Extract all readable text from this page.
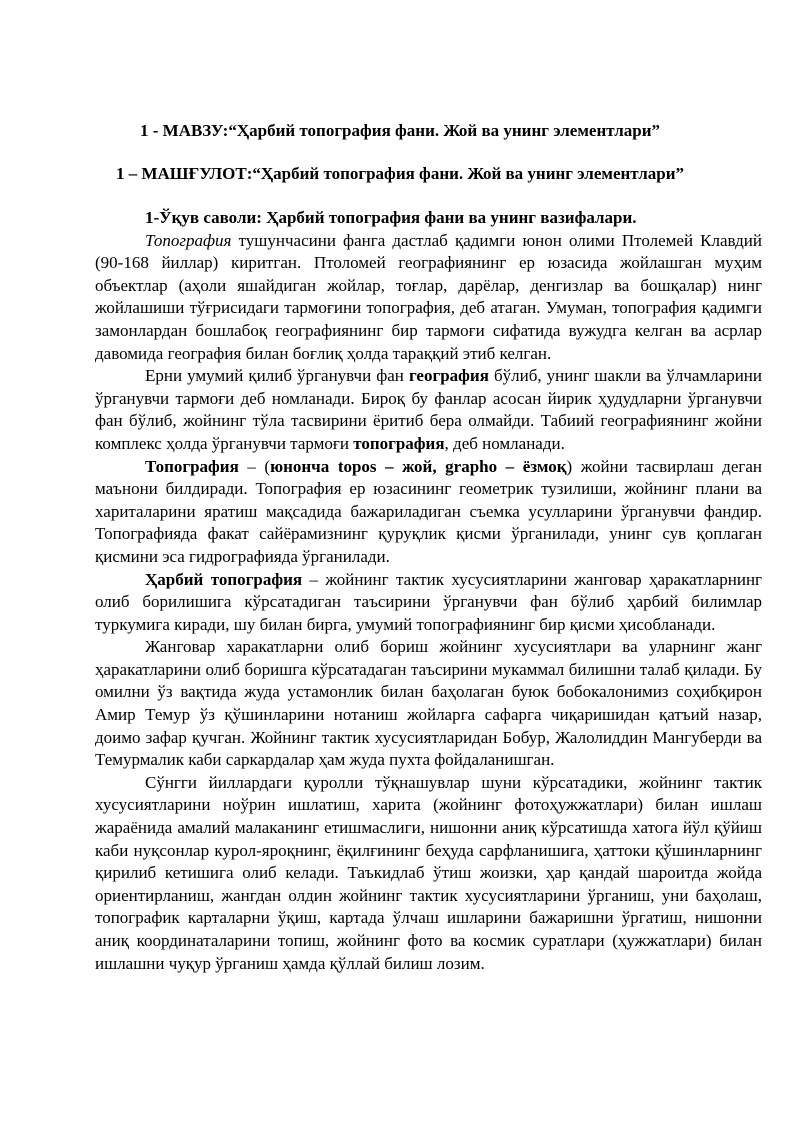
1 - МАВЗУ:“Ҳарбий топография фани. Жой ва унинг элементлари”

1 – МАШҒУЛОТ:“Ҳарбий топография фани. Жой ва унинг элементлари”

1-Ўқув саволи: Ҳарбий топография фани ва унинг вазифалари.

Топография тушунчасини фанга дастлаб қадимги юнон олими Птолемей Клавдий (90-168 йиллар) киритган. Птоломей географиянинг ер юзасида жойлашган муҳим объектлар (аҳоли яшайдиган жойлар, тоғлар, дарёлар, денгизлар ва бошқалар) нинг жойлашиши тўғрисидаги тармоғини топография, деб атаган. Умуман, топография қадимги замонлардан бошлабоқ географиянинг бир тармоғи сифатида вужудга келган ва асрлар давомида география билан боғлиқ ҳолда тараққий этиб келган.

Ерни умумий қилиб ўрганувчи фан география бўлиб, унинг шакли ва ўлчамларини ўрганувчи тармоғи деб номланади. Бироқ бу фанлар асосан йирик ҳудудларни ўрганувчи фан бўлиб, жойнинг тўла тасвирини ёритиб бера олмайди. Табиий географиянинг жойни комплекс ҳолда ўрганувчи тармоғи топография, деб номланади.

Топография – (юнонча topos – жой, grapho – ёзмоқ) жойни тасвирлаш деган маънони билдиради. Топография ер юзасининг геометрик тузилиши, жойнинг плани ва хариталарини яратиш мақсадида бажариладиган съемка усулларини ўрганувчи фандир. Топографияда факат сайёрамизнинг қуруқлик қисми ўрганилади, унинг сув қоплаган қисмини эса гидрографияда ўрганилади.

Ҳарбий топография – жойнинг тактик хусусиятларини жанговар ҳаракатларнинг олиб борилишига кўрсатадиган таъсирини ўрганувчи фан бўлиб ҳарбий билимлар туркумига киради, шу билан бирга, умумий топографиянинг бир қисми ҳисобланади.

Жанговар харакатларни олиб бориш жойнинг хусусиятлари ва уларнинг жанг ҳаракатларини олиб боришга кўрсатадаган таъсирини мукаммал билишни талаб қилади. Бу омилни ўз вақтида жуда устамонлик билан баҳолаган буюк бобокалонимиз соҳибқирон Амир Темур ўз қўшинларини нотаниш жойларга сафарга чиқаришидан қатъий назар, доимо зафар қучган. Жойнинг тактик хусусиятларидан Бобур, Жалолиддин Мангуберди ва Темурмалик каби саркардалар ҳам жуда пухта фойдаланишган.

Сўнгги йиллардаги қуролли тўқнашувлар шуни кўрсатадики, жойнинг тактик хусусиятларини ноўрин ишлатиш, харита (жойнинг фотоҳужжатлари) билан ишлаш жараёнида амалий малаканинг етишмаслиги, нишонни аниқ кўрсатишда хатога йўл қўйиш каби нуқсонлар курол-яроқнинг, ёқилғининг беҳуда сарфланишига, ҳаттоки қўшинларнинг қирилиб кетишига олиб келади. Таъкидлаб ўтиш жоизки, ҳар қандай шароитда жойда ориентирланиш, жангдан олдин жойнинг тактик хусусиятларини ўрганиш, уни баҳолаш, топографик карталарни ўқиш, картада ўлчаш ишларини бажаришни ўргатиш, нишонни аниқ координаталарини топиш, жойнинг фото ва космик суратлари (ҳужжатлари) билан ишлашни чуқур ўрганиш ҳамда қўллай билиш лозим.
